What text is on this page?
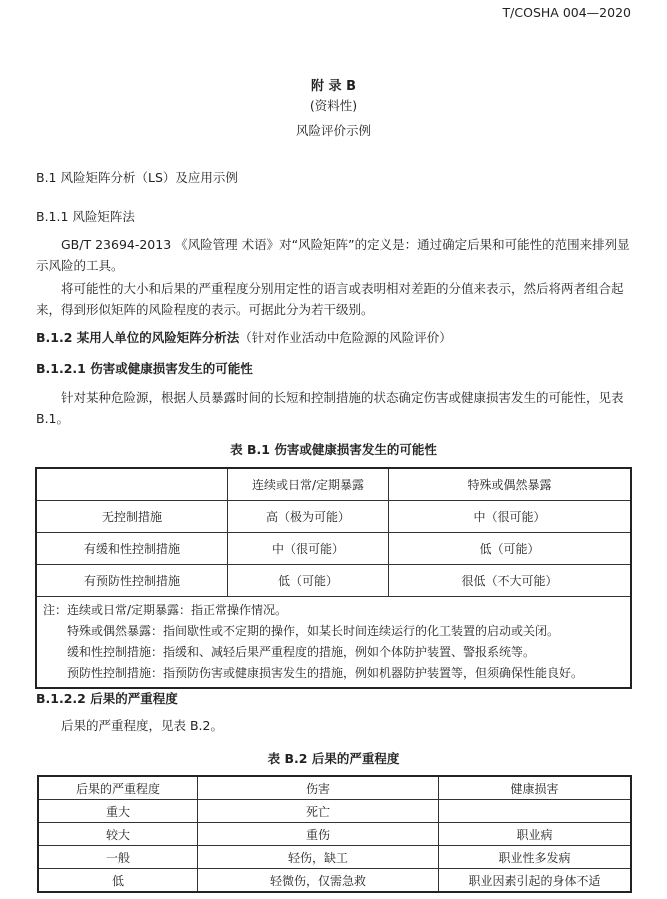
T/COSHA 004—2020
附 录 B
(资料性)
风险评价示例
B.1 风险矩阵分析（LS）及应用示例
B.1.1 风险矩阵法
GB/T 23694-2013 《风险管理 术语》对“风险矩阵”的定义是：通过确定后果和可能性的范围来排列显示风险的工具。
将可能性的大小和后果的严重程度分别用定性的语言或表明相对差距的分值来表示，然后将两者组合起来，得到形似矩阵的风险程度的表示。可据此分为若干级别。
B.1.2 某用人单位的风险矩阵分析法（针对作业活动中危险源的风险评价）
B.1.2.1 伤害或健康损害发生的可能性
针对某种危险源，根据人员暴露时间的长短和控制措施的状态确定伤害或健康损害发生的可能性，见表 B.1。
表 B.1 伤害或健康损害发生的可能性
	连续或日常/定期暴露	特殊或偶然暴露
无控制措施	高（极为可能）	中（很可能）
有缓和性控制措施	中（很可能）	低（可能）
有预防性控制措施	低（可能）	很低（不大可能）

注：连续或日常/定期暴露：指正常操作情况。
特殊或偶然暴露：指间歇性或不定期的操作，如某长时间连续运行的化工装置的启动或关闭。
缓和性控制措施：指缓和、减轻后果严重程度的措施，例如个体防护装置、警报系统等。
预防性控制措施：指预防伤害或健康损害发生的措施，例如机器防护装置等，但须确保性能良好。		
B.1.2.2 后果的严重程度
后果的严重程度，见表 B.2。
表 B.2 后果的严重程度
后果的严重程度	伤害	健康损害
重大	死亡	
较大	重伤	职业病
一般	轻伤，缺工	职业性多发病
低	轻微伤，仅需急救	职业因素引起的身体不适
